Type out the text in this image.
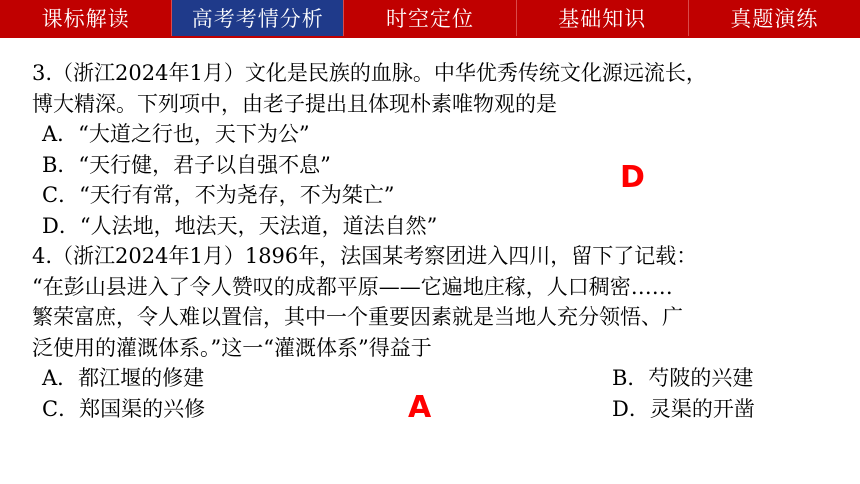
课标解读	高考考情分析	时空定位	基础知识	真题演练
3.（浙江2024年1月）文化是民族的血脉。中华优秀传统文化源远流长，
博大精深。下列项中，由老子提出且体现朴素唯物观的是
A．“大道之行也，天下为公”
B．“天行健，君子以自强不息”
C．“天行有常，不为尧存，不为桀亡”
D．“人法地，地法天，天法道，道法自然”
4.（浙江2024年1月）1896年，法国某考察团进入四川，留下了记载：
“在彭山县进入了令人赞叹的成都平原——它遍地庄稼，人口稠密……
繁荣富庶，令人难以置信，其中一个重要因素就是当地人充分领悟、广
泛使用的灌溉体系。”这一“灌溉体系”得益于
A．都江堰的修建	B．芍陂的兴建
C．郑国渠的兴修	D．灵渠的开凿
D
A
